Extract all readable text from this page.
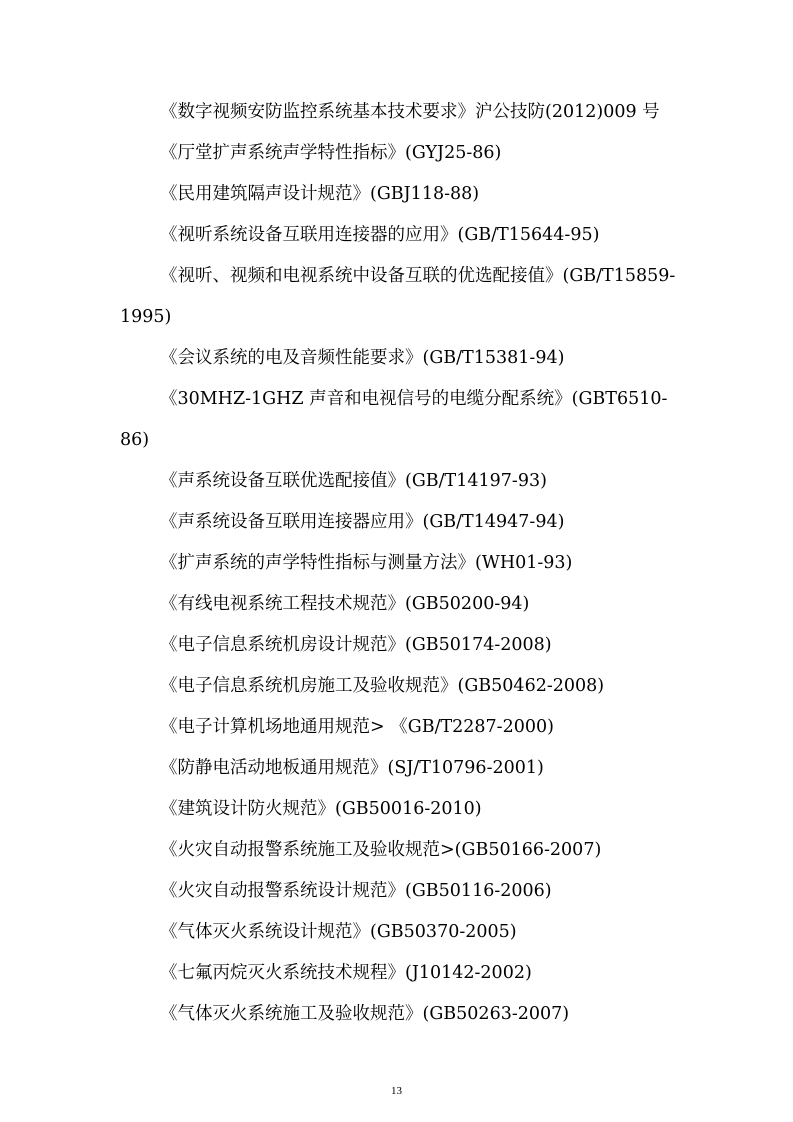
《数字视频安防监控系统基本技术要求》沪公技防(2012)009 号
《厅堂扩声系统声学特性指标》(GYJ25-86)
《民用建筑隔声设计规范》(GBJ118-88)
《视听系统设备互联用连接器的应用》(GB/T15644-95)
《视听、视频和电视系统中设备互联的优选配接值》(GB/T15859-1995)
《会议系统的电及音频性能要求》(GB/T15381-94)
《30MHZ-1GHZ 声音和电视信号的电缆分配系统》(GBT6510-86)
《声系统设备互联优选配接值》(GB/T14197-93)
《声系统设备互联用连接器应用》(GB/T14947-94)
《扩声系统的声学特性指标与测量方法》(WH01-93)
《有线电视系统工程技术规范》(GB50200-94)
《电子信息系统机房设计规范》(GB50174-2008)
《电子信息系统机房施工及验收规范》(GB50462-2008)
《电子计算机场地通用规范> 《GB/T2287-2000)
《防静电活动地板通用规范》(SJ/T10796-2001)
《建筑设计防火规范》(GB50016-2010)
《火灾自动报警系统施工及验收规范>(GB50166-2007)
《火灾自动报警系统设计规范》(GB50116-2006)
《气体灭火系统设计规范》(GB50370-2005)
《七氟丙烷灭火系统技术规程》(J10142-2002)
《气体灭火系统施工及验收规范》(GB50263-2007)
13
